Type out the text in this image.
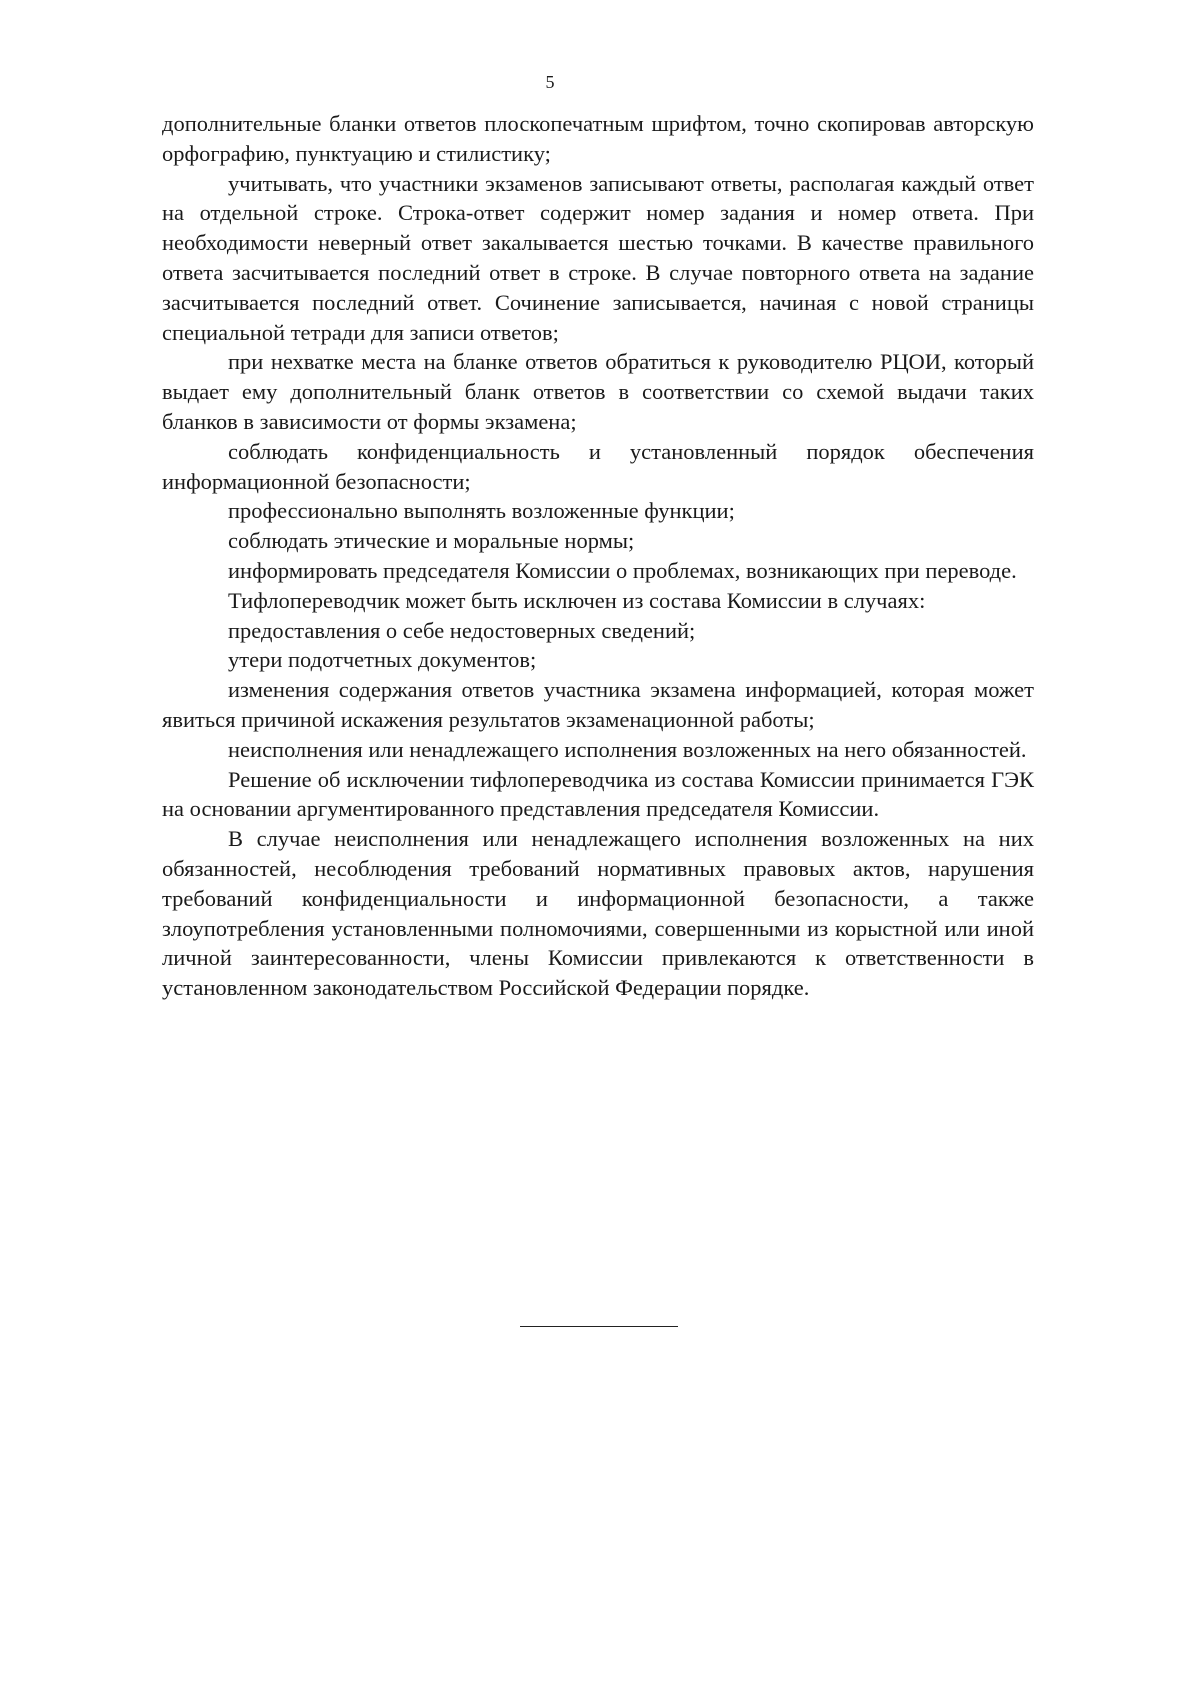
5

дополнительные бланки ответов плоскопечатным шрифтом, точно скопировав авторскую орфографию, пунктуацию и стилистику;

учитывать, что участники экзаменов записывают ответы, располагая каждый ответ на отдельной строке. Строка-ответ содержит номер задания и номер ответа. При необходимости неверный ответ закалывается шестью точками. В качестве правильного ответа засчитывается последний ответ в строке. В случае повторного ответа на задание засчитывается последний ответ. Сочинение записывается, начиная с новой страницы специальной тетради для записи ответов;

при нехватке места на бланке ответов обратиться к руководителю РЦОИ, который выдает ему дополнительный бланк ответов в соответствии со схемой выдачи таких бланков в зависимости от формы экзамена;

соблюдать конфиденциальность и установленный порядок обеспечения информационной безопасности;

профессионально выполнять возложенные функции;

соблюдать этические и моральные нормы;

информировать председателя Комиссии о проблемах, возникающих при переводе.

Тифлопереводчик может быть исключен из состава Комиссии в случаях:

предоставления о себе недостоверных сведений;

утери подотчетных документов;

изменения содержания ответов участника экзамена информацией, которая может явиться причиной искажения результатов экзаменационной работы;

неисполнения или ненадлежащего исполнения возложенных на него обязанностей.

Решение об исключении тифлопереводчика из состава Комиссии принимается ГЭК на основании аргументированного представления председателя Комиссии.

В случае неисполнения или ненадлежащего исполнения возложенных на них обязанностей, несоблюдения требований нормативных правовых актов, нарушения требований конфиденциальности и информационной безопасности, а также злоупотребления установленными полномочиями, совершенными из корыстной или иной личной заинтересованности, члены Комиссии привлекаются к ответственности в установленном законодательством Российской Федерации порядке.
